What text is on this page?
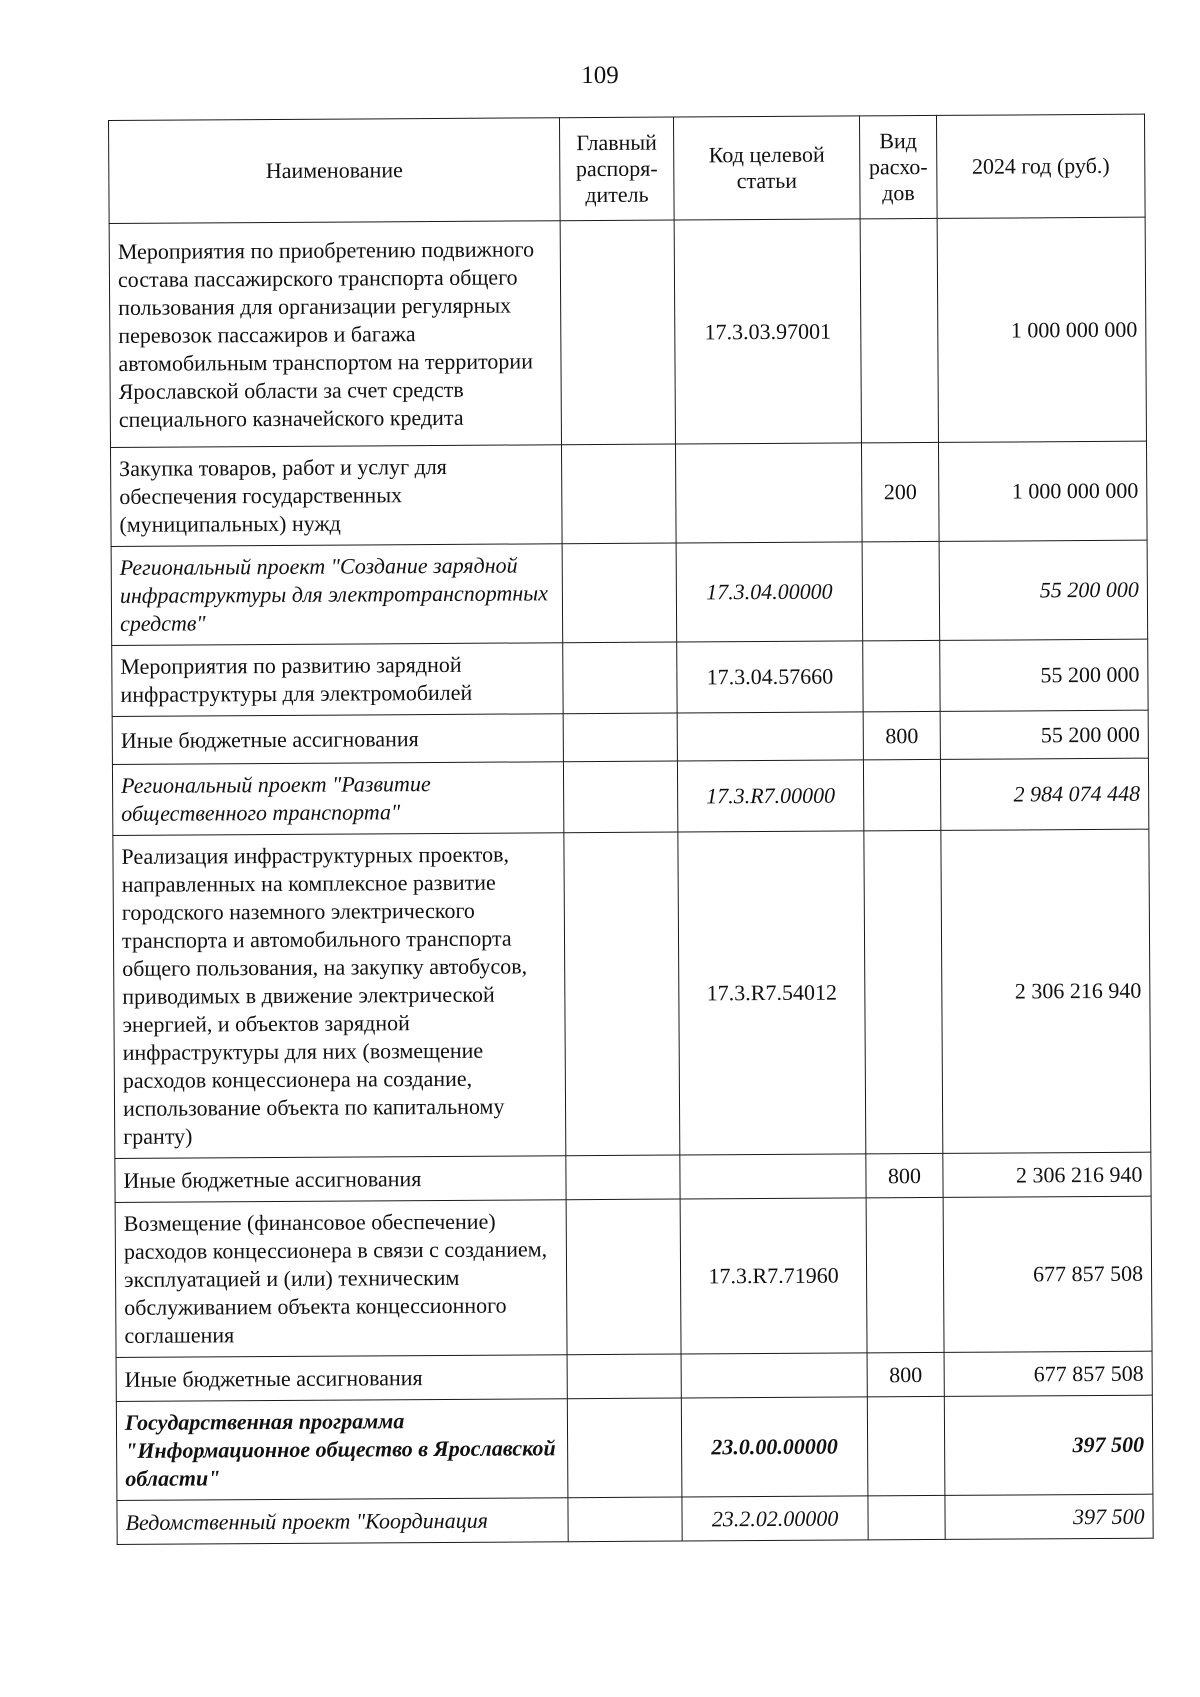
109
Наименование	Главный распоря-дитель	Код целевой статьи	Вид расхо-дов	2024 год (руб.)
Мероприятия по приобретению подвижного состава пассажирского транспорта общего пользования для организации регулярных перевозок пассажиров и багажа автомобильным транспортом на территории Ярославской области за счет средств специального казначейского кредита		17.3.03.97001		1 000 000 000
Закупка товаров, работ и услуг для обеспечения государственных (муниципальных) нужд			200	1 000 000 000
Региональный проект "Создание зарядной инфраструктуры для электротранспортных средств"		17.3.04.00000		55 200 000
Мероприятия по развитию зарядной инфраструктуры для электромобилей		17.3.04.57660		55 200 000
Иные бюджетные ассигнования			800	55 200 000
Региональный проект "Развитие общественного транспорта"		17.3.R7.00000		2 984 074 448
Реализация инфраструктурных проектов, направленных на комплексное развитие городского наземного электрического транспорта и автомобильного транспорта общего пользования, на закупку автобусов, приводимых в движение электрической энергией, и объектов зарядной инфраструктуры для них (возмещение расходов концессионера на создание, использование объекта по капитальному гранту)		17.3.R7.54012		2 306 216 940
Иные бюджетные ассигнования			800	2 306 216 940
Возмещение (финансовое обеспечение) расходов концессионера в связи с созданием, эксплуатацией и (или) техническим обслуживанием объекта концессионного соглашения		17.3.R7.71960		677 857 508
Иные бюджетные ассигнования			800	677 857 508
Государственная программа "Информационное общество в Ярославской области"		23.0.00.00000		397 500
Ведомственный проект "Координация		23.2.02.00000		397 500
